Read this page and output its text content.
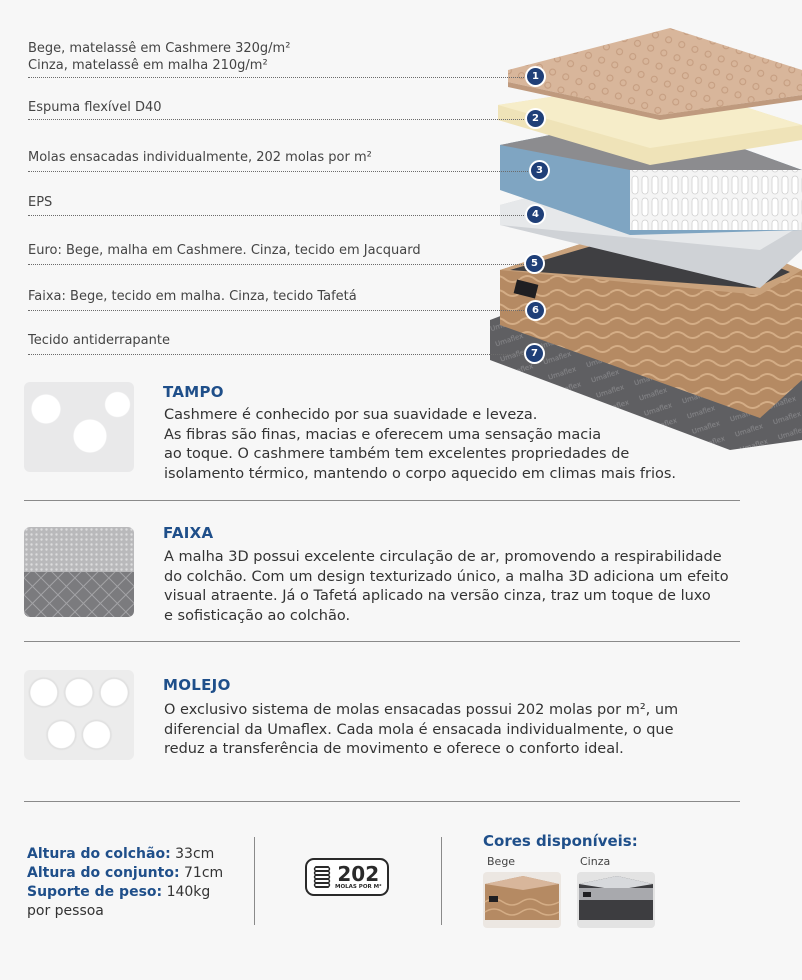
Bege, matelassê em Cashmere 320g/m²
Cinza, matelassê em malha 210g/m²
1
Espuma flexível D40
2
Molas ensacadas individualmente, 202 molas por m²
3
EPS
4
Euro: Bege, malha em Cashmere. Cinza, tecido em Jacquard
5
Faixa: Bege, tecido em malha. Cinza, tecido Tafetá
6
Tecido antiderrapante
7
TAMPO
Cashmere é conhecido por sua suavidade e leveza.
As fibras são finas, macias e oferecem uma sensação macia
ao toque. O cashmere também tem excelentes propriedades de
isolamento térmico, mantendo o corpo aquecido em climas mais frios.
FAIXA
A malha 3D possui excelente circulação de ar, promovendo a respirabilidade
do colchão. Com um design texturizado único, a malha 3D adiciona um efeito
visual atraente. Já o Tafetá aplicado na versão cinza, traz um toque de luxo
e sofisticação ao colchão.
MOLEJO
O exclusivo sistema de molas ensacadas possui 202 molas por m², um
diferencial da Umaflex. Cada mola é ensacada individualmente, o que
reduz a transferência de movimento e oferece o conforto ideal.
Altura do colchão: 33cm
Altura do conjunto: 71cm
Suporte de peso: 140kg
por pessoa
202
MOLAS POR M²
Cores disponíveis:
Bege	Cinza
